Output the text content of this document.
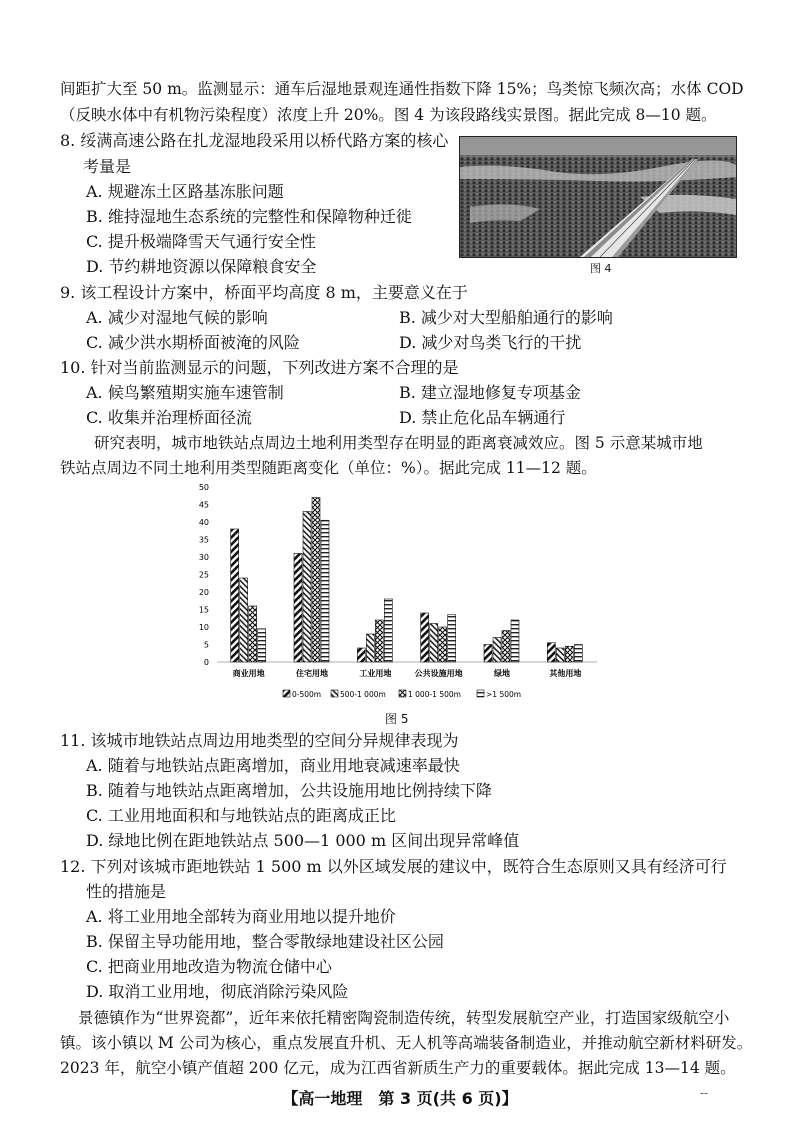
间距扩大至 50 m。监测显示：通车后湿地景观连通性指数下降 15%；鸟类惊飞频次高；水体 COD
（反映水体中有机物污染程度）浓度上升 20%。图 4 为该段路线实景图。据此完成 8—10 题。
8. 绥满高速公路在扎龙湿地段采用以桥代路方案的核心
考量是
A. 规避冻土区路基冻胀问题
B. 维持湿地生态系统的完整性和保障物种迁徙
C. 提升极端降雪天气通行安全性
D. 节约耕地资源以保障粮食安全	图 4
9. 该工程设计方案中，桥面平均高度 8 m，主要意义在于
A. 减少对湿地气候的影响	B. 减少对大型船舶通行的影响
C. 减少洪水期桥面被淹的风险	D. 减少对鸟类飞行的干扰
10. 针对当前监测显示的问题，下列改进方案不合理的是
A. 候鸟繁殖期实施车速管制	B. 建立湿地修复专项基金
C. 收集并治理桥面径流	D. 禁止危化品车辆通行
研究表明，城市地铁站点周边土地利用类型存在明显的距离衰减效应。图 5 示意某城市地
铁站点周边不同土地利用类型随距离变化（单位：%）。据此完成 11—12 题。
0
5
10
15
20
25
30
35
40
45
50
商业用地	住宅用地	工业用地	公共设施用地	绿地	其他用地
0-500m	500-1 000m	1 000-1 500m	>1 500m
图 5
11. 该城市地铁站点周边用地类型的空间分异规律表现为
A. 随着与地铁站点距离增加，商业用地衰减速率最快
B. 随着与地铁站点距离增加，公共设施用地比例持续下降
C. 工业用地面积和与地铁站点的距离成正比
D. 绿地比例在距地铁站点 500—1 000 m 区间出现异常峰值
12. 下列对该城市距地铁站 1 500 m 以外区域发展的建议中，既符合生态原则又具有经济可行
性的措施是
A. 将工业用地全部转为商业用地以提升地价
B. 保留主导功能用地，整合零散绿地建设社区公园
C. 把商业用地改造为物流仓储中心
D. 取消工业用地，彻底消除污染风险
景德镇作为“世界瓷都”，近年来依托精密陶瓷制造传统，转型发展航空产业，打造国家级航空小
镇。该小镇以 M 公司为核心，重点发展直升机、无人机等高端装备制造业，并推动航空新材料研发。
2023 年，航空小镇产值超 200 亿元，成为江西省新质生产力的重要载体。据此完成 13—14 题。
【高一地理　第 3 页(共 6 页)】	--
